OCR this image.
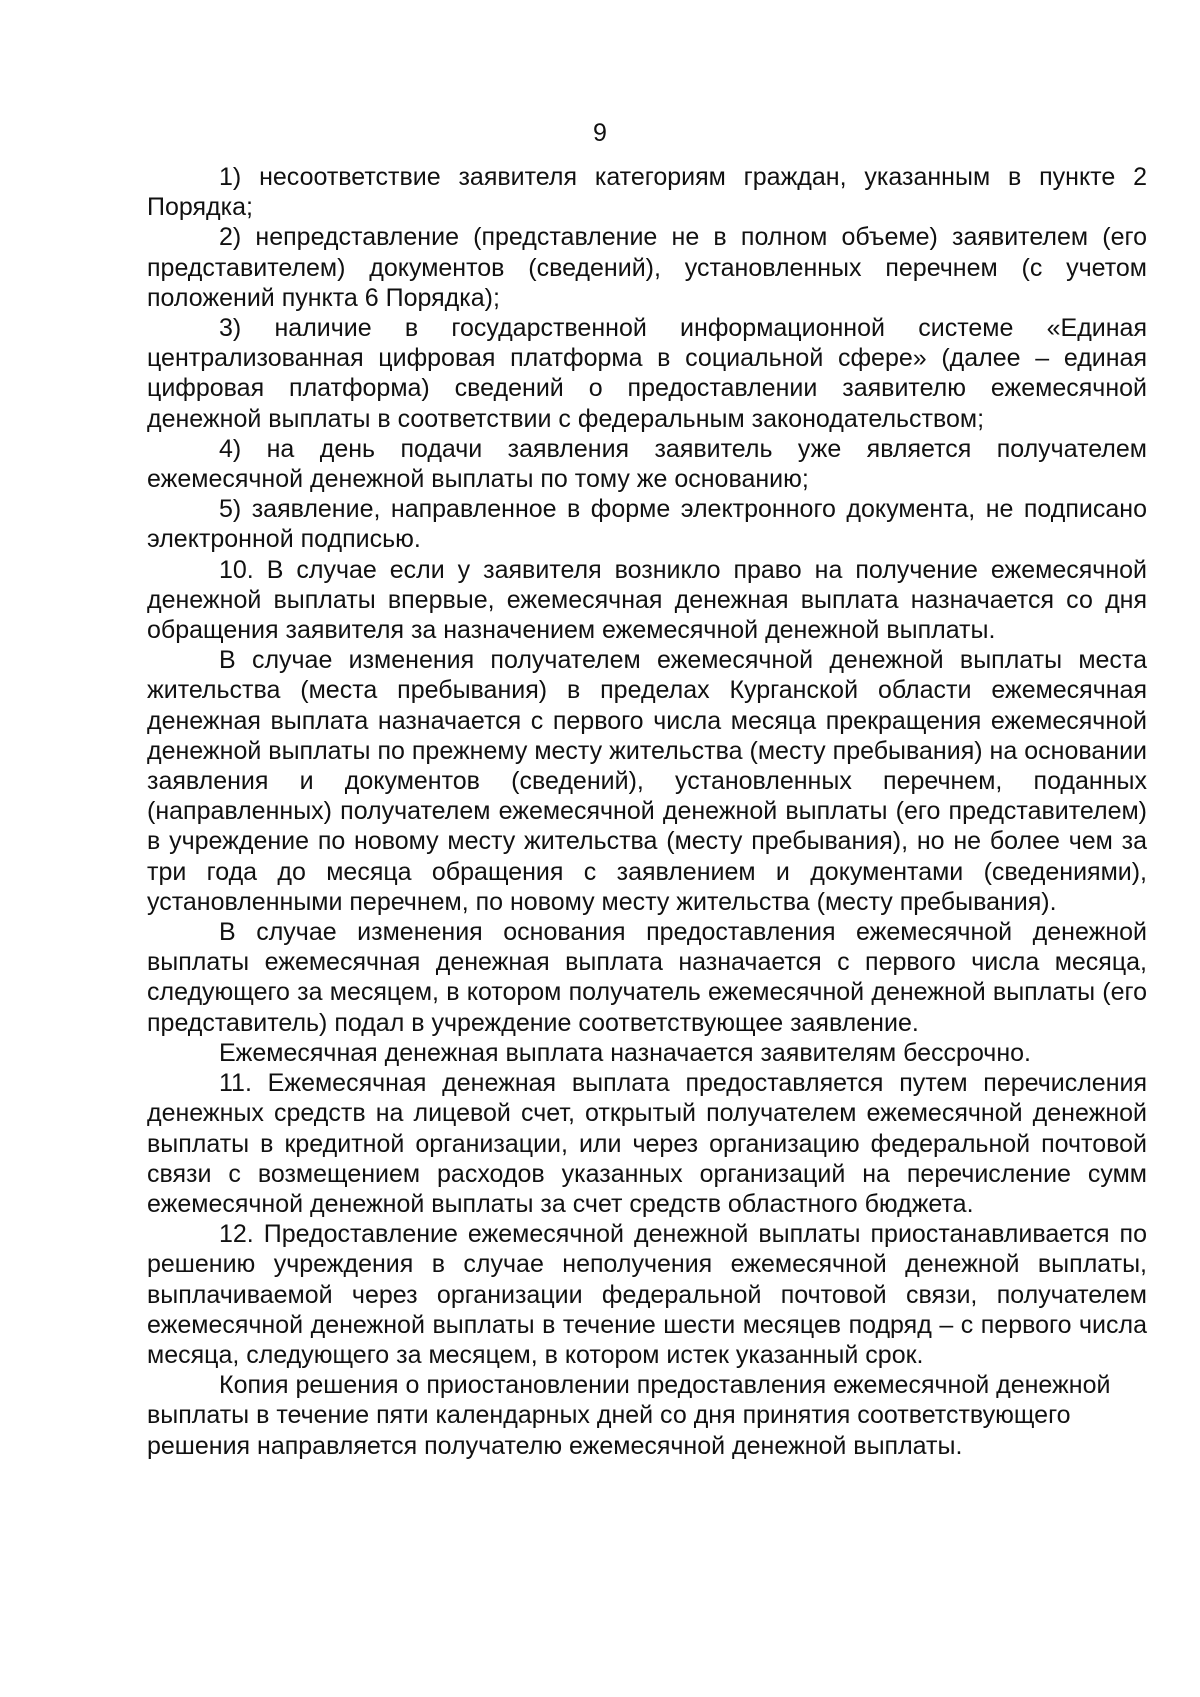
9

1) несоответствие заявителя категориям граждан, указанным в пункте 2 Порядка;

2) непредставление (представление не в полном объеме) заявителем (его представителем) документов (сведений), установленных перечнем (с учетом положений пункта 6 Порядка);

3) наличие в государственной информационной системе «Единая централизованная цифровая платформа в социальной сфере» (далее – единая цифровая платформа) сведений о предоставлении заявителю ежемесячной денежной выплаты в соответствии с федеральным законодательством;

4) на день подачи заявления заявитель уже является получателем ежемесячной денежной выплаты по тому же основанию;

5) заявление, направленное в форме электронного документа, не подписано электронной подписью.

10. В случае если у заявителя возникло право на получение ежемесячной денежной выплаты впервые, ежемесячная денежная выплата назначается со дня обращения заявителя за назначением ежемесячной денежной выплаты.

В случае изменения получателем ежемесячной денежной выплаты места жительства (места пребывания) в пределах Курганской области ежемесячная денежная выплата назначается с первого числа месяца прекращения ежемесячной денежной выплаты по прежнему месту жительства (месту пребывания) на основании заявления и документов (сведений), установленных перечнем, поданных (направленных) получателем ежемесячной денежной выплаты (его представителем) в учреждение по новому месту жительства (месту пребывания), но не более чем за три года до месяца обращения с заявлением и документами (сведениями), установленными перечнем, по новому месту жительства (месту пребывания).

В случае изменения основания предоставления ежемесячной денежной выплаты ежемесячная денежная выплата назначается с первого числа месяца, следующего за месяцем, в котором получатель ежемесячной денежной выплаты (его представитель) подал в учреждение соответствующее заявление.

Ежемесячная денежная выплата назначается заявителям бессрочно.

11. Ежемесячная денежная выплата предоставляется путем перечисления денежных средств на лицевой счет, открытый получателем ежемесячной денежной выплаты в кредитной организации, или через организацию федеральной почтовой связи с возмещением расходов указанных организаций на перечисление сумм ежемесячной денежной выплаты за счет средств областного бюджета.

12. Предоставление ежемесячной денежной выплаты приостанавливается по решению учреждения в случае неполучения ежемесячной денежной выплаты, выплачиваемой через организации федеральной почтовой связи, получателем ежемесячной денежной выплаты в течение шести месяцев подряд – с первого числа месяца, следующего за месяцем, в котором истек указанный срок.

Копия решения о приостановлении предоставления ежемесячной денежной выплаты в течение пяти календарных дней со дня принятия соответствующего решения направляется получателю ежемесячной денежной выплаты.
